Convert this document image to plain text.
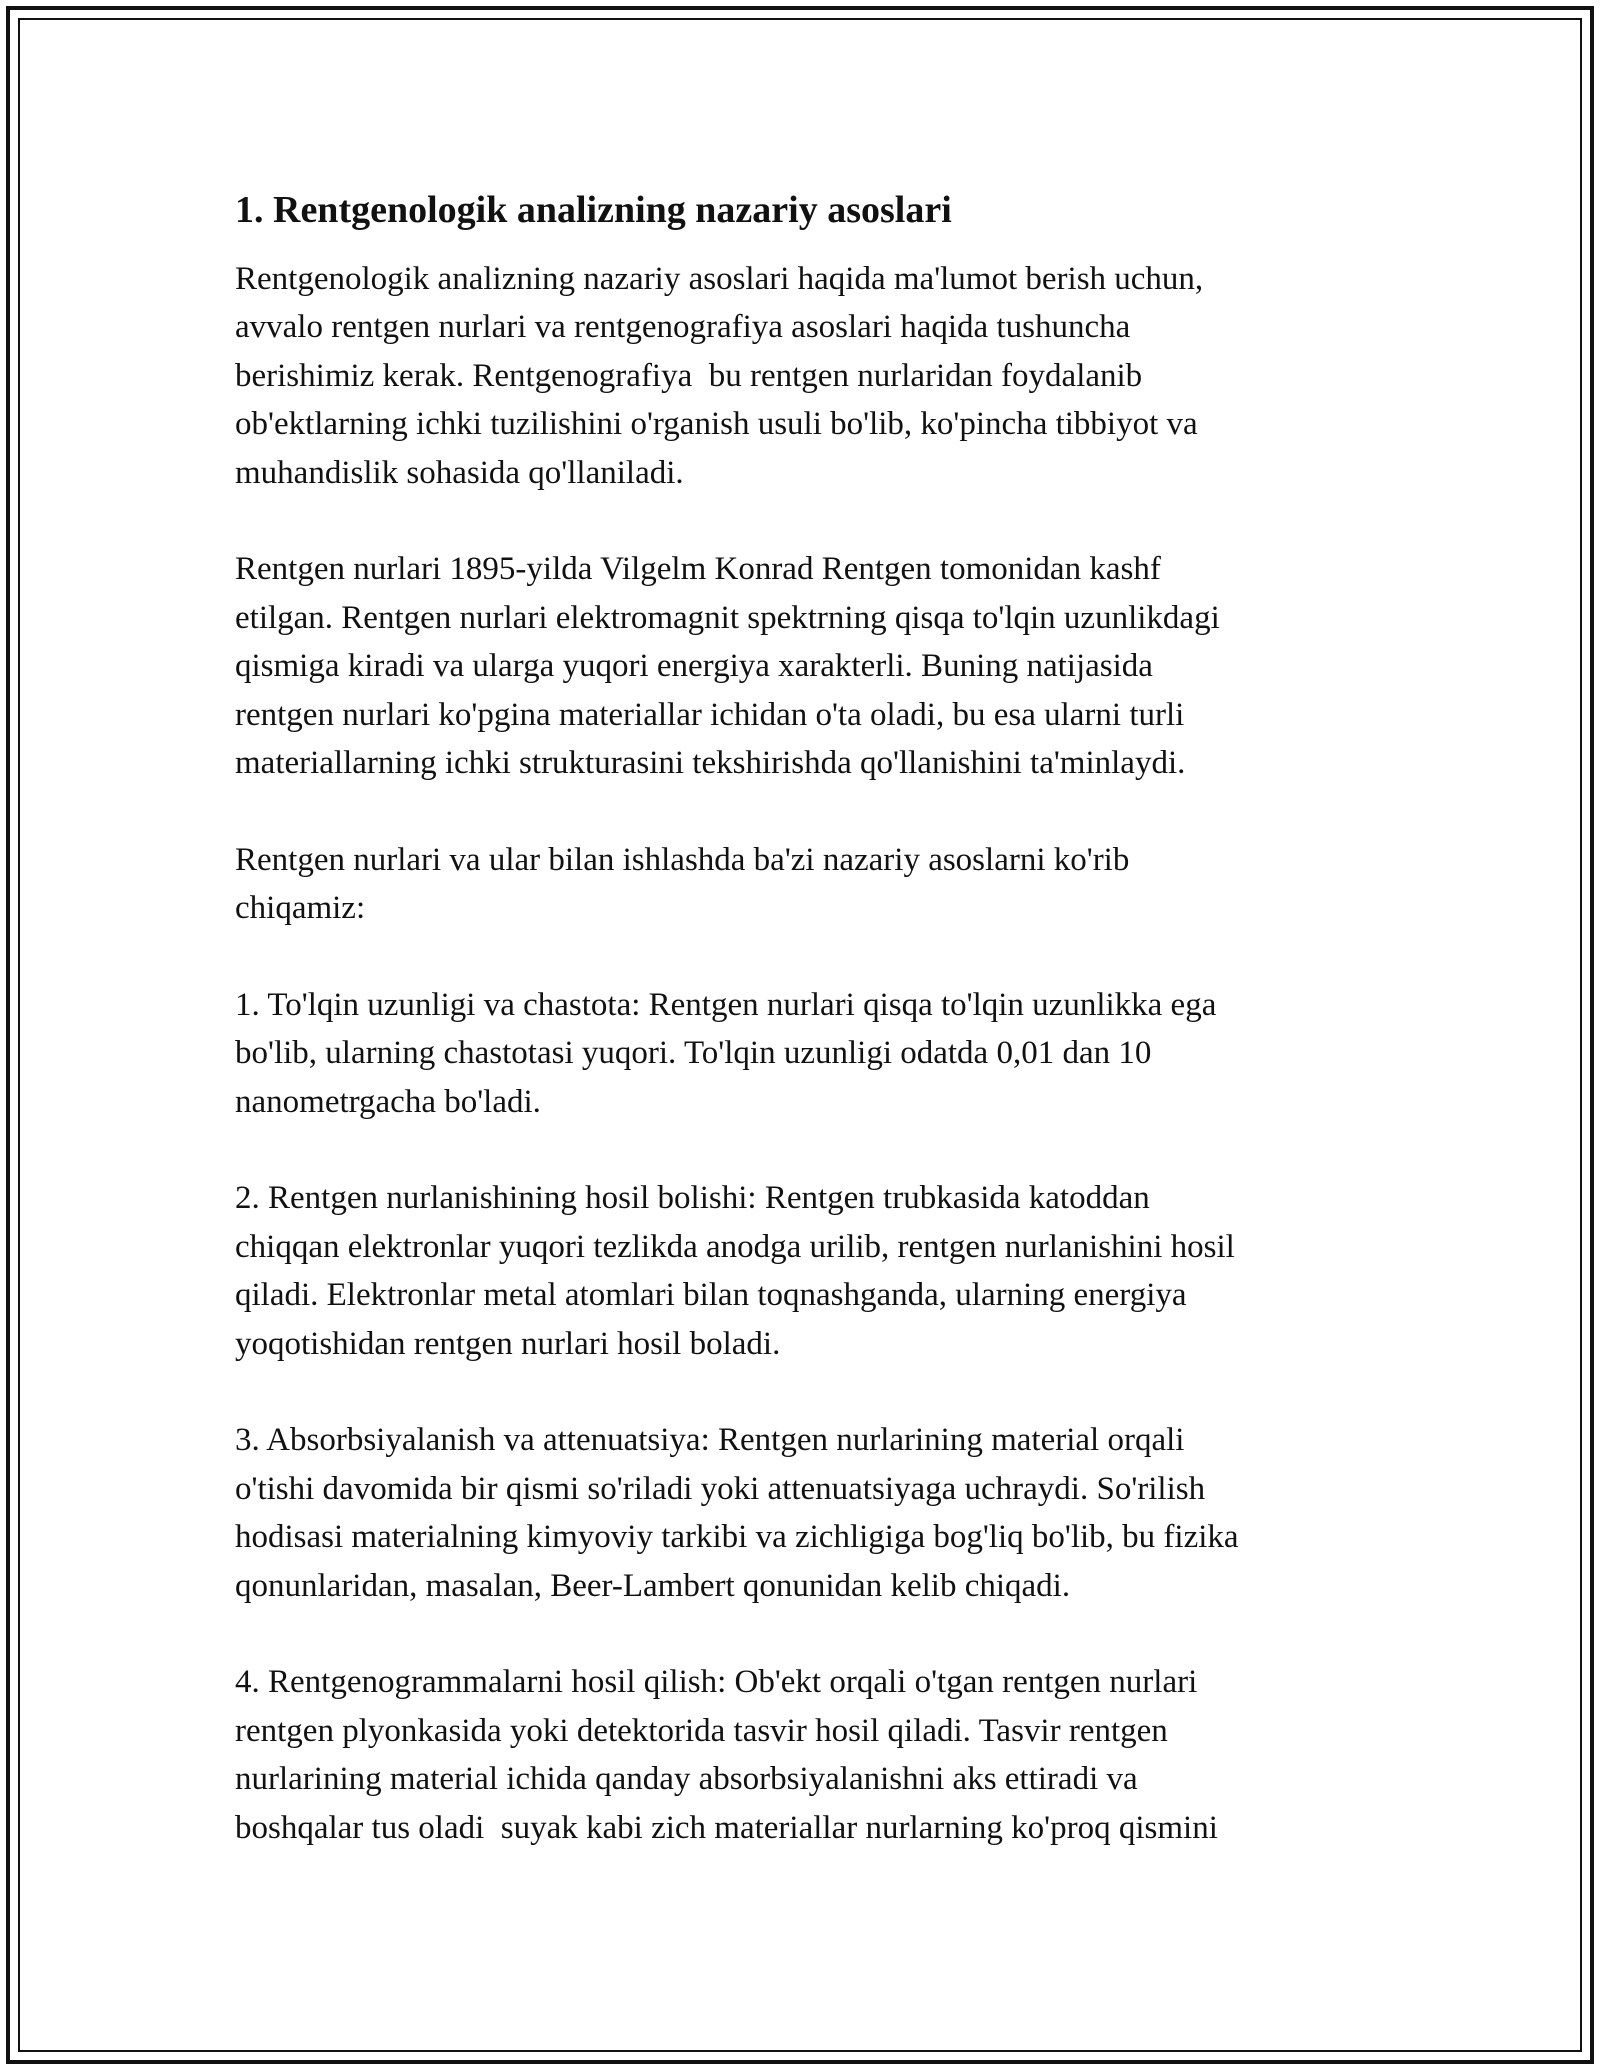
1. Rentgenologik analizning nazariy asoslari
Rentgenologik analizning nazariy asoslari haqida ma'lumot berish uchun,
avvalo rentgen nurlari va rentgenografiya asoslari haqida tushuncha
berishimiz kerak. Rentgenografiya  bu rentgen nurlaridan foydalanib
ob'ektlarning ichki tuzilishini o'rganish usuli bo'lib, ko'pincha tibbiyot va
muhandislik sohasida qo'llaniladi.
Rentgen nurlari 1895-yilda Vilgelm Konrad Rentgen tomonidan kashf
etilgan. Rentgen nurlari elektromagnit spektrning qisqa to'lqin uzunlikdagi
qismiga kiradi va ularga yuqori energiya xarakterli. Buning natijasida
rentgen nurlari ko'pgina materiallar ichidan o'ta oladi, bu esa ularni turli
materiallarning ichki strukturasini tekshirishda qo'llanishini ta'minlaydi.
Rentgen nurlari va ular bilan ishlashda ba'zi nazariy asoslarni ko'rib
chiqamiz:
1. To'lqin uzunligi va chastota: Rentgen nurlari qisqa to'lqin uzunlikka ega
bo'lib, ularning chastotasi yuqori. To'lqin uzunligi odatda 0,01 dan 10
nanometrgacha bo'ladi.
2. Rentgen nurlanishining hosil bolishi: Rentgen trubkasida katoddan
chiqqan elektronlar yuqori tezlikda anodga urilib, rentgen nurlanishini hosil
qiladi. Elektronlar metal atomlari bilan toqnashganda, ularning energiya
yoqotishidan rentgen nurlari hosil boladi.
3. Absorbsiyalanish va attenuatsiya: Rentgen nurlarining material orqali
o'tishi davomida bir qismi so'riladi yoki attenuatsiyaga uchraydi. So'rilish
hodisasi materialning kimyoviy tarkibi va zichligiga bog'liq bo'lib, bu fizika
qonunlaridan, masalan, Beer-Lambert qonunidan kelib chiqadi.
4. Rentgenogrammalarni hosil qilish: Ob'ekt orqali o'tgan rentgen nurlari
rentgen plyonkasida yoki detektorida tasvir hosil qiladi. Tasvir rentgen
nurlarining material ichida qanday absorbsiyalanishni aks ettiradi va
boshqalar tus oladi  suyak kabi zich materiallar nurlarning ko'proq qismini
